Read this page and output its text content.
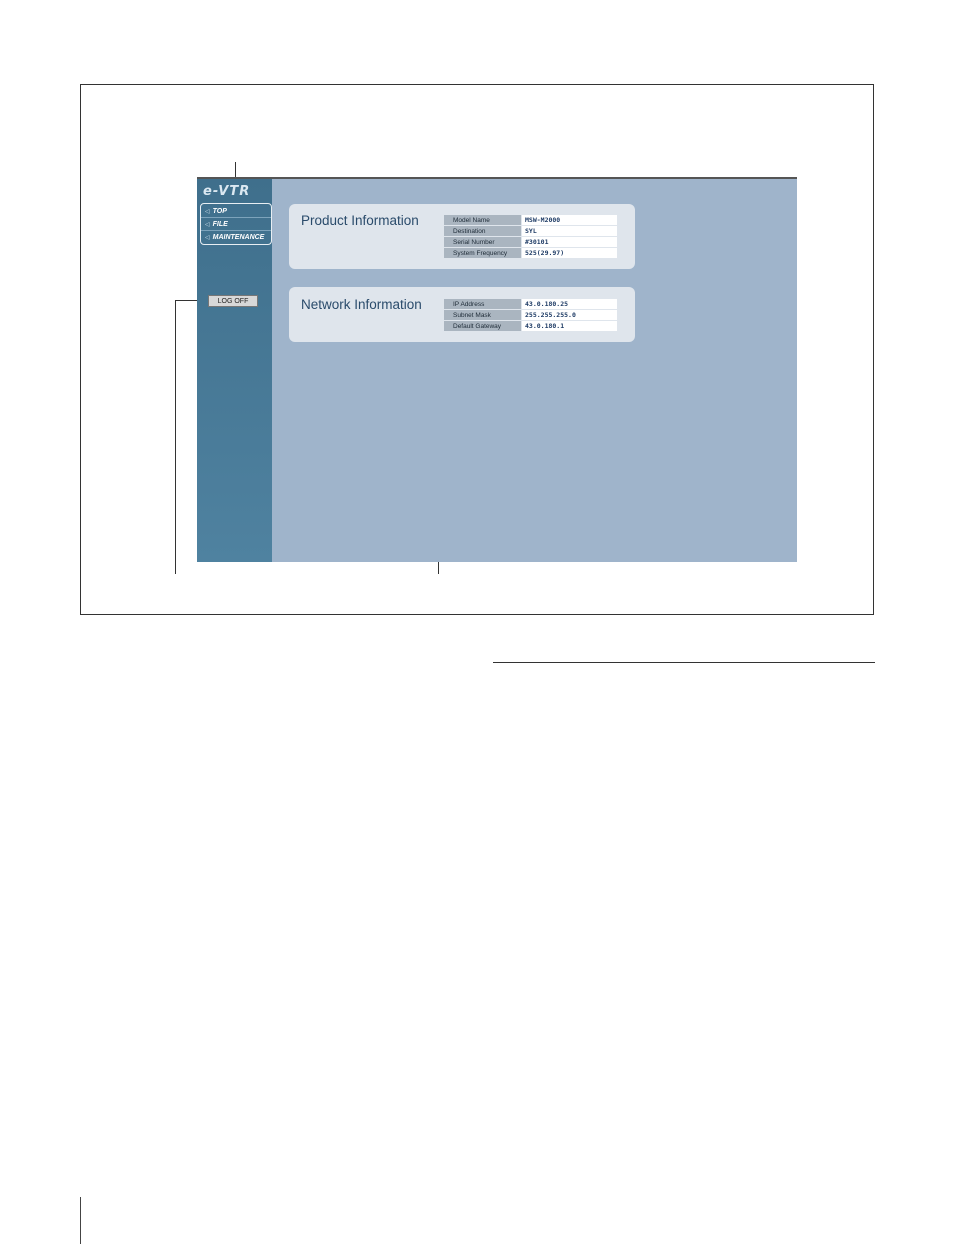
e-VTR
◁ TOP
◁ FILE
◁ MAINTENANCE
LOG OFF
Product Information	Model Name	MSW-M2000
Destination	SYL
Serial Number	#30101
System Frequency	525(29.97)
Network Information	IP Address	43.0.180.25
Subnet Mask	255.255.255.0
Default Gateway	43.0.180.1
